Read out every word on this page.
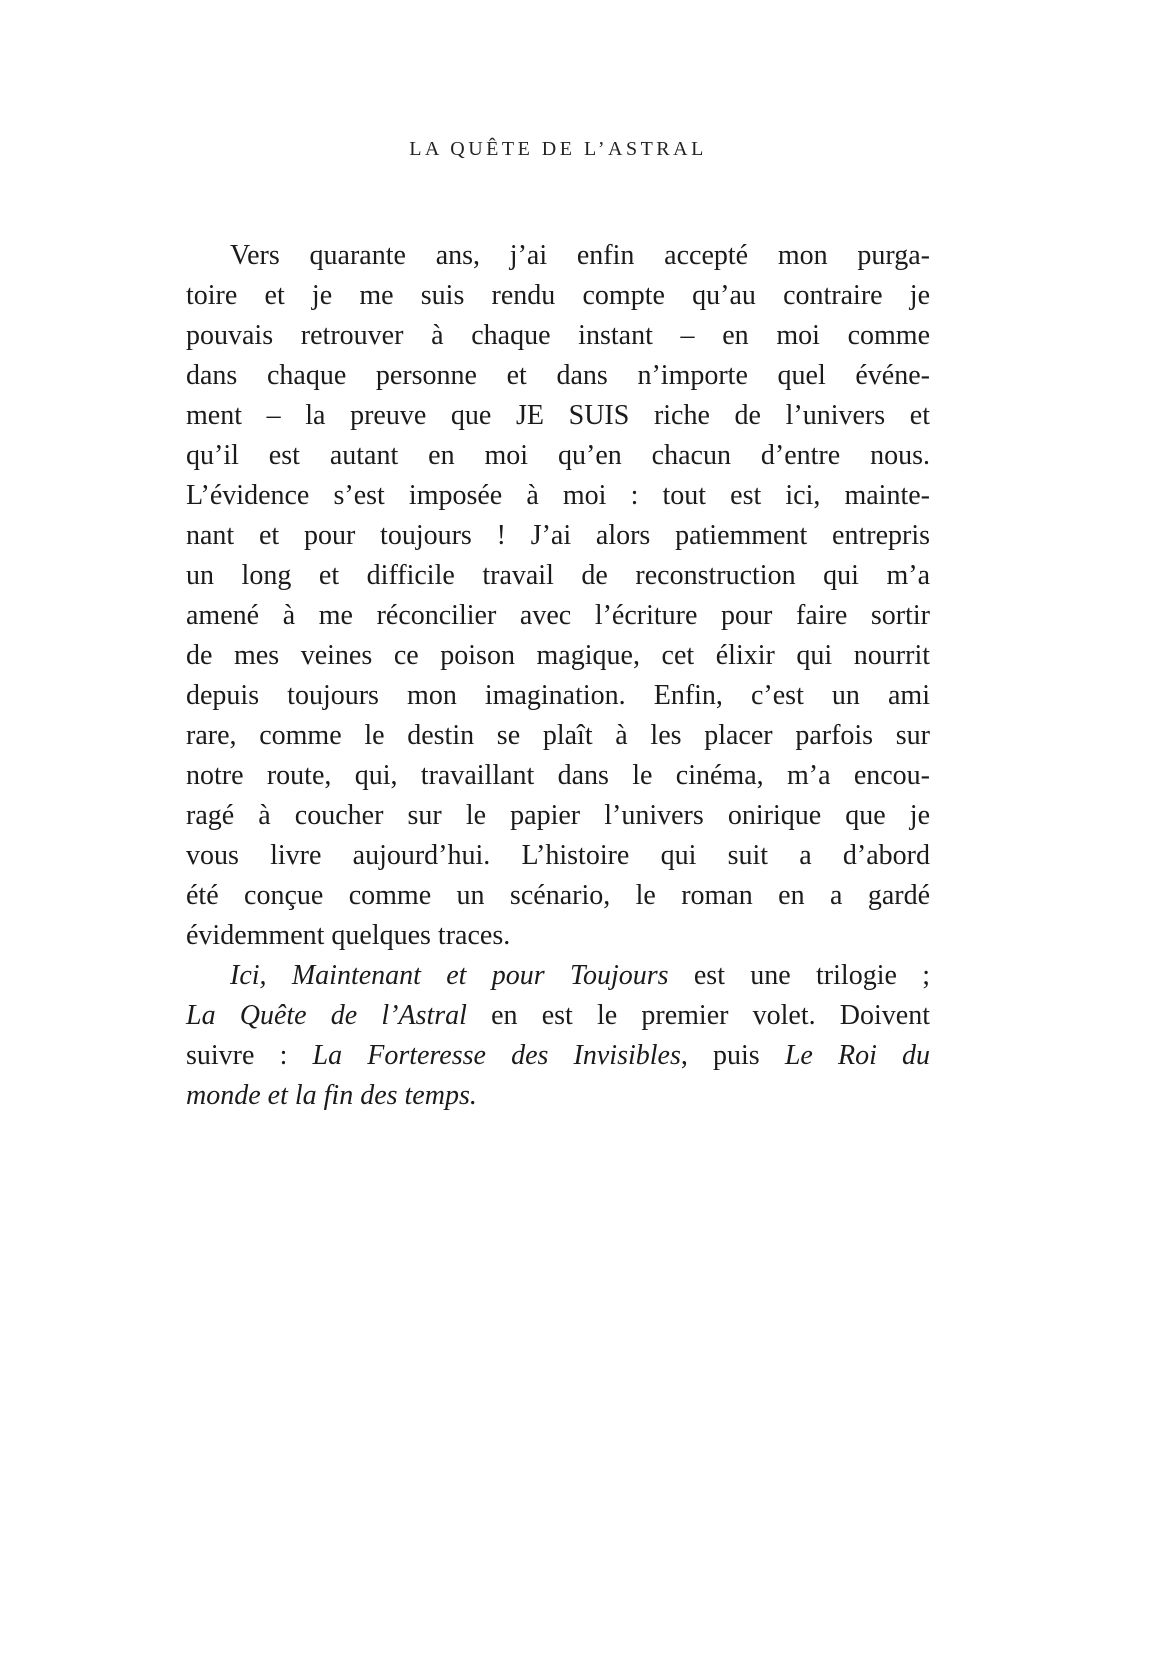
LA QUÊTE DE L’ASTRAL
Vers quarante ans, j’ai enfin accepté mon purga-
toire et je me suis rendu compte qu’au contraire je
pouvais retrouver à chaque instant – en moi comme
dans chaque personne et dans n’importe quel événe-
ment – la preuve que JE SUIS riche de l’univers et
qu’il est autant en moi qu’en chacun d’entre nous.
L’évidence s’est imposée à moi : tout est ici, mainte-
nant et pour toujours ! J’ai alors patiemment entrepris
un long et difficile travail de reconstruction qui m’a
amené à me réconcilier avec l’écriture pour faire sortir
de mes veines ce poison magique, cet élixir qui nourrit
depuis toujours mon imagination. Enfin, c’est un ami
rare, comme le destin se plaît à les placer parfois sur
notre route, qui, travaillant dans le cinéma, m’a encou-
ragé à coucher sur le papier l’univers onirique que je
vous livre aujourd’hui. L’histoire qui suit a d’abord
été conçue comme un scénario, le roman en a gardé
évidemment quelques traces.
Ici, Maintenant et pour Toujours est une trilogie ;
La Quête de l’Astral en est le premier volet. Doivent
suivre : La Forteresse des Invisibles, puis Le Roi du
monde et la fin des temps.
